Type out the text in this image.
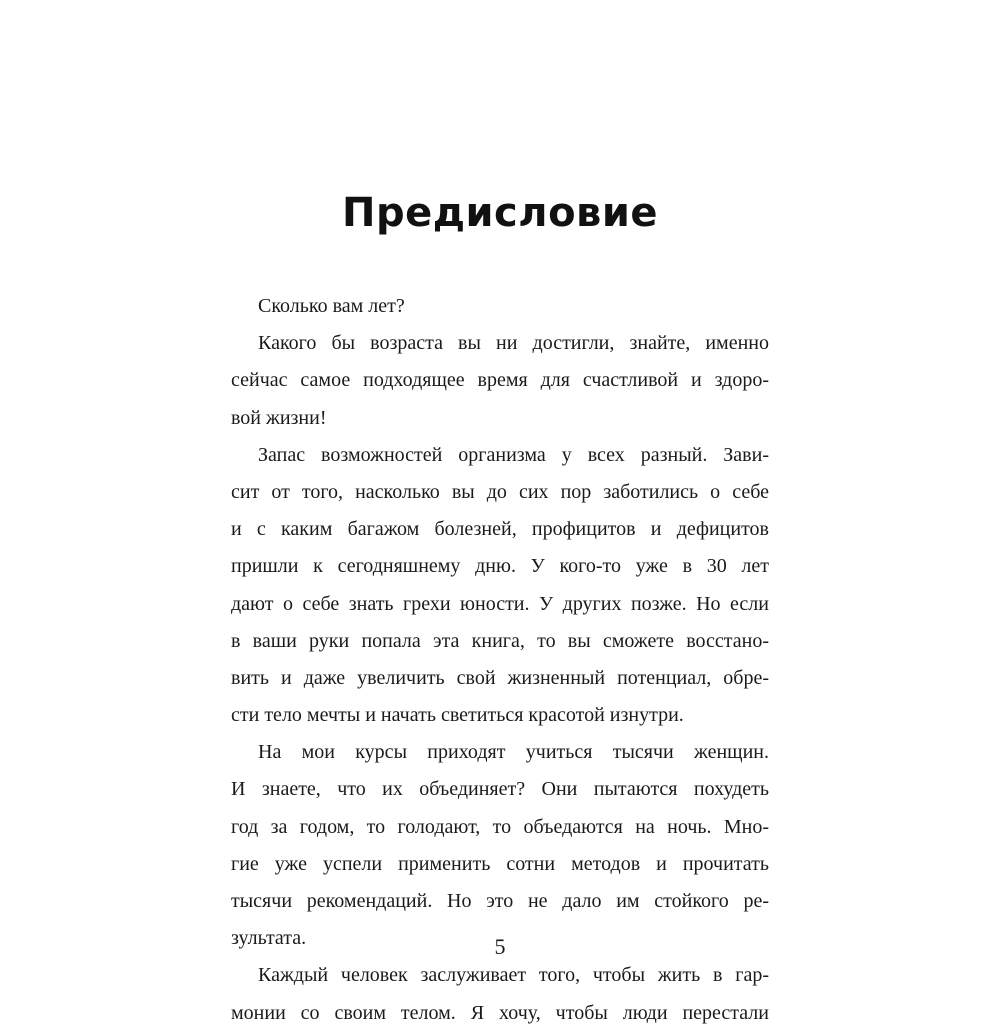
Предисловие
Сколько вам лет?
Какого бы возраста вы ни достигли, знайте, именно
сейчас самое подходящее время для счастливой и здоро-
вой жизни!
Запас возможностей организма у всех разный. Зави-
сит от того, насколько вы до сих пор заботились о себе
и с каким багажом болезней, профицитов и дефицитов
пришли к сегодняшнему дню. У кого-то уже в 30 лет
дают о себе знать грехи юности. У других позже. Но если
в ваши руки попала эта книга, то вы сможете восстано-
вить и даже увеличить свой жизненный потенциал, обре-
сти тело мечты и начать светиться красотой изнутри.
На мои курсы приходят учиться тысячи женщин.
И знаете, что их объединяет? Они пытаются похудеть
год за годом, то голодают, то объедаются на ночь. Мно-
гие уже успели применить сотни методов и прочитать
тысячи рекомендаций. Но это не дало им стойкого ре-
зультата.
Каждый человек заслуживает того, чтобы жить в гар-
монии со своим телом. Я хочу, чтобы люди перестали
5
